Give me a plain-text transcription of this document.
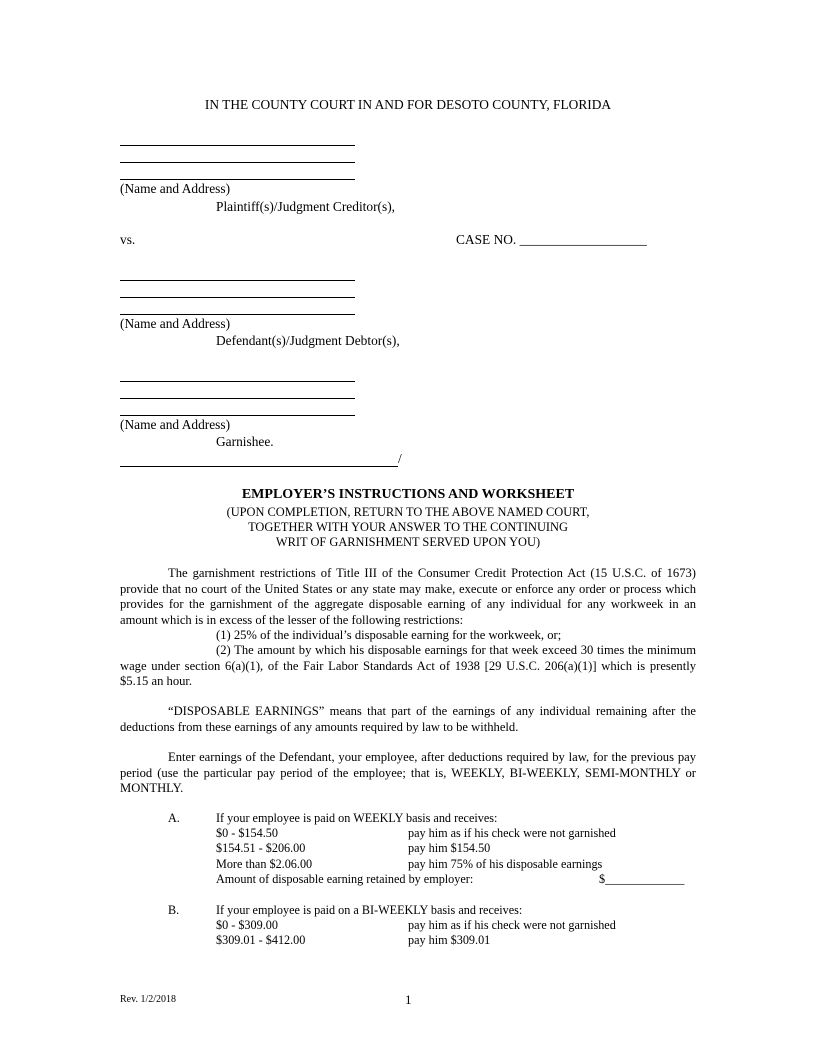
IN THE COUNTY COURT IN AND FOR DESOTO COUNTY, FLORIDA
(Name and Address)
Plaintiff(s)/Judgment Creditor(s),
vs.	CASE NO. ___________________
(Name and Address)
Defendant(s)/Judgment Debtor(s),
(Name and Address)
Garnishee.
/
EMPLOYER’S INSTRUCTIONS AND WORKSHEET
(UPON COMPLETION, RETURN TO THE ABOVE NAMED COURT,
TOGETHER WITH YOUR ANSWER TO THE CONTINUING
WRIT OF GARNISHMENT SERVED UPON YOU)
The garnishment restrictions of Title III of the Consumer Credit Protection Act (15 U.S.C. of 1673) provide that no court of the United States or any state may make, execute or enforce any order or process which provides for the garnishment of the aggregate disposable earning of any individual for any workweek in an amount which is in excess of the lesser of the following restrictions:
(1) 25% of the individual’s disposable earning for the workweek, or;
(2) The amount by which his disposable earnings for that week exceed 30 times the minimum wage under section 6(a)(1), of the Fair Labor Standards Act of 1938 [29 U.S.C. 206(a)(1)] which is presently $5.15 an hour.
“DISPOSABLE EARNINGS” means that part of the earnings of any individual remaining after the deductions from these earnings of any amounts required by law to be withheld.
Enter earnings of the Defendant, your employee, after deductions required by law, for the previous pay period (use the particular pay period of the employee; that is, WEEKLY, BI-WEEKLY, SEMI-MONTHLY or MONTHLY.
A.	If your employee is paid on WEEKLY basis and receives:
$0 - $154.50	pay him as if his check were not garnished
$154.51 - $206.00	pay him $154.50
More than $2.06.00	pay him 75% of his disposable earnings
Amount of disposable earning retained by employer:	$_____________
B.	If your employee is paid on a BI-WEEKLY basis and receives:
$0 - $309.00	pay him as if his check were not garnished
$309.01 - $412.00	pay him $309.01
Rev. 1/2/2018	1
